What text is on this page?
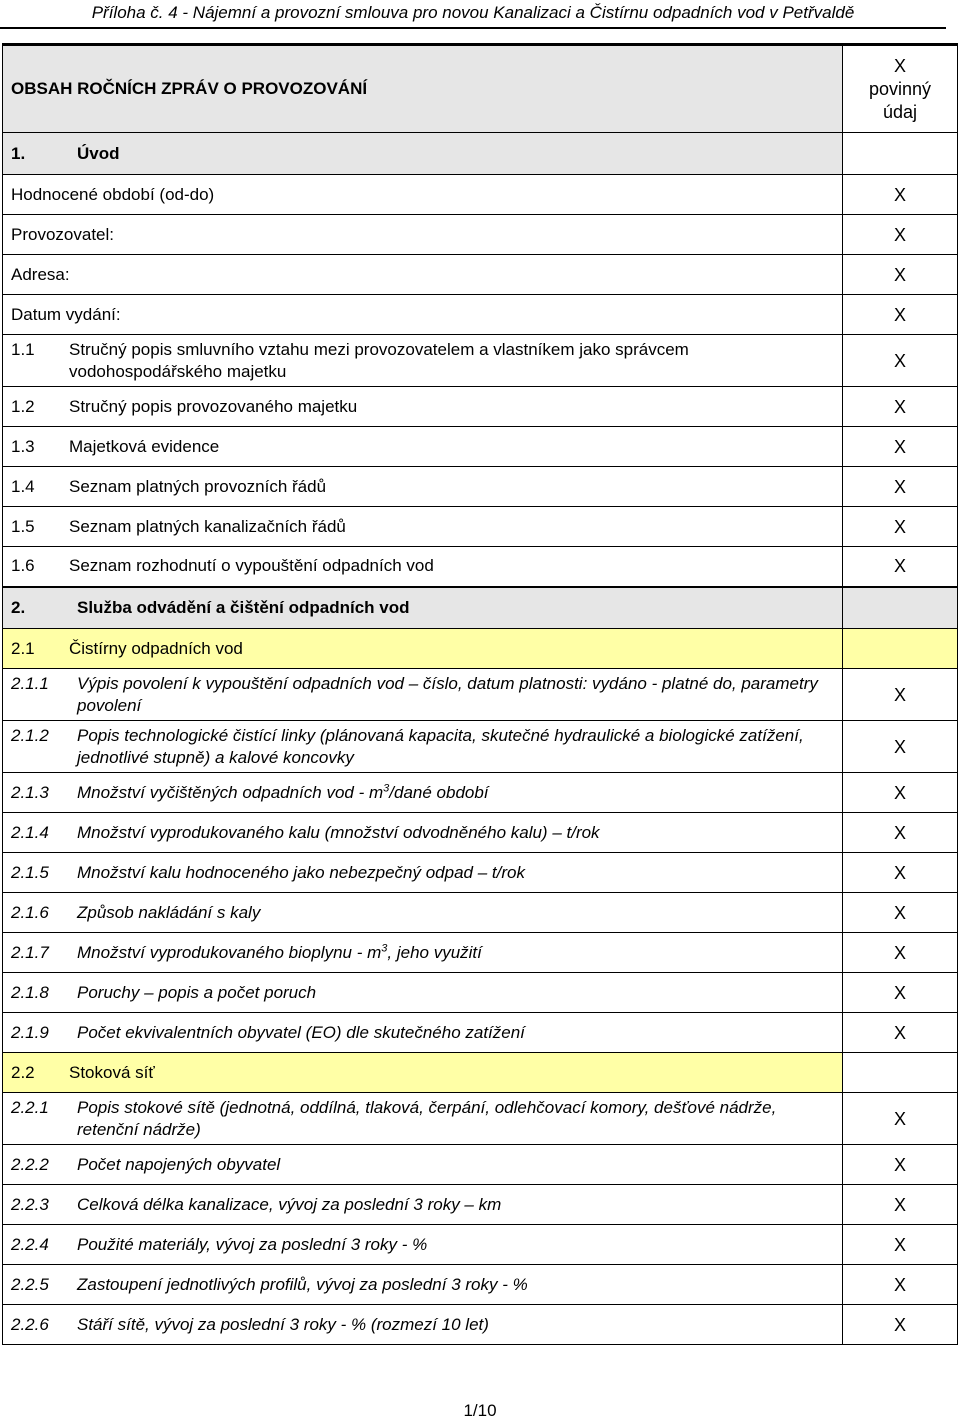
Příloha č. 4 - Nájemní a provozní smlouva pro novou Kanalizaci a Čistírnu odpadních vod v Petřvaldě
OBSAH ROČNÍCH ZPRÁV O PROVOZOVÁNÍ	X
povinný
údaj

1. Úvod	
Hodnocené období (od-do)	X
Provozovatel:	X
Adresa:	X
Datum vydání:	X

1.1 Stručný popis smluvního vztahu mezi provozovatelem a vlastníkem jako správcem vodohospodářského majetku	X

1.2 Stručný popis provozovaného majetku	X

1.3 Majetková evidence	X

1.4 Seznam platných provozních řádů	X

1.5 Seznam platných kanalizačních řádů	X

1.6 Seznam rozhodnutí o vypouštění odpadních vod	X
2. Služba odvádění a čištění odpadních vod	
2.1 Čistírny odpadních vod	

2.1.1 Výpis povolení k vypouštění odpadních vod – číslo, datum platnosti: vydáno - platné do, parametry povolení	X

2.1.2 Popis technologické čistící linky (plánovaná kapacita, skutečné hydraulické a biologické zatížení, jednotlivé stupně) a kalové koncovky	X

2.1.3 Množství vyčištěných odpadních vod - $m^3$/dané období	X

2.1.4 Množství vyprodukovaného kalu (množství odvodněného kalu) – t/rok	X

2.1.5 Množství kalu hodnoceného jako nebezpečný odpad – t/rok	X

2.1.6 Způsob nakládání s kaly	X

2.1.7 Množství vyprodukovaného bioplynu - $m^3$, jeho využití	X

2.1.8 Poruchy – popis a počet poruch	X

2.1.9 Počet ekvivalentních obyvatel (EO) dle skutečného zatížení	X
2.2 Stoková síť	

2.2.1 Popis stokové sítě (jednotná, oddílná, tlaková, čerpání, odlehčovací komory, dešťové nádrže, retenční nádrže)	X

2.2.2 Počet napojených obyvatel	X

2.2.3 Celková délka kanalizace, vývoj za poslední 3 roky – km	X

2.2.4 Použité materiály, vývoj za poslední 3 roky - %	X

2.2.5 Zastoupení jednotlivých profilů, vývoj za poslední 3 roky - %	X

2.2.6 Stáří sítě, vývoj za poslední 3 roky - % (rozmezí 10 let)	X
1/10
